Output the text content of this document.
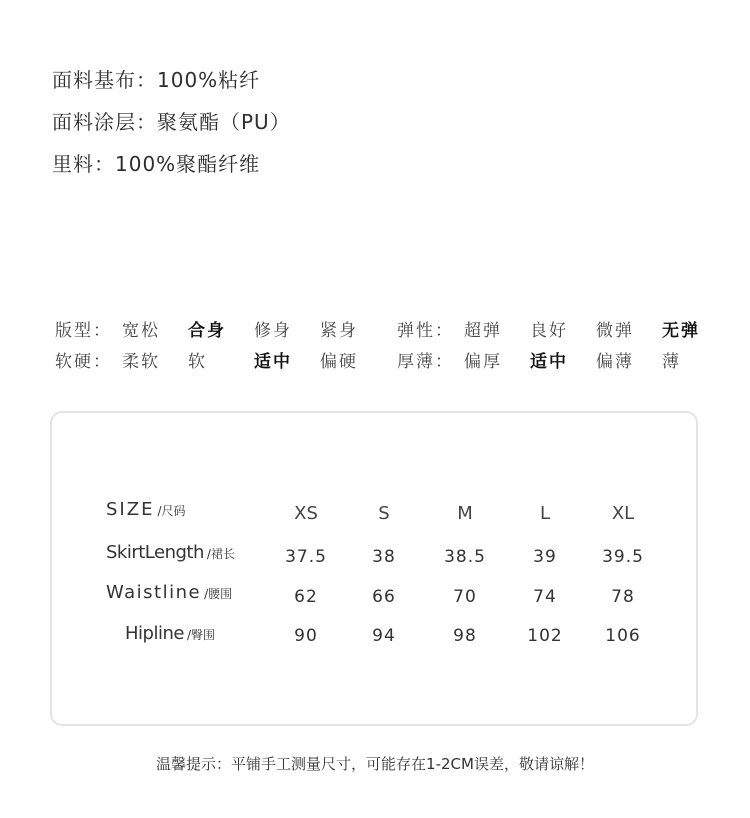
面料基布：100%粘纤
面料涂层：聚氨酯（PU）
里料：100%聚酯纤维
版型： 宽松 合身 修身 紧身 弹性： 超弹 良好 微弹 无弹
软硬： 柔软 软	适中 偏硬 厚薄： 偏厚 适中 偏薄 薄
SIZE /尺码	XS	S	M	L	XL
SkirtLength /裙长	37.5	38	38.5	39	39.5
Waistline /腰围	62	66	70	74	78
Hipline /臀围	90	94	98	102	106
温馨提示：平铺手工测量尺寸，可能存在1-2CM误差，敬请谅解！
